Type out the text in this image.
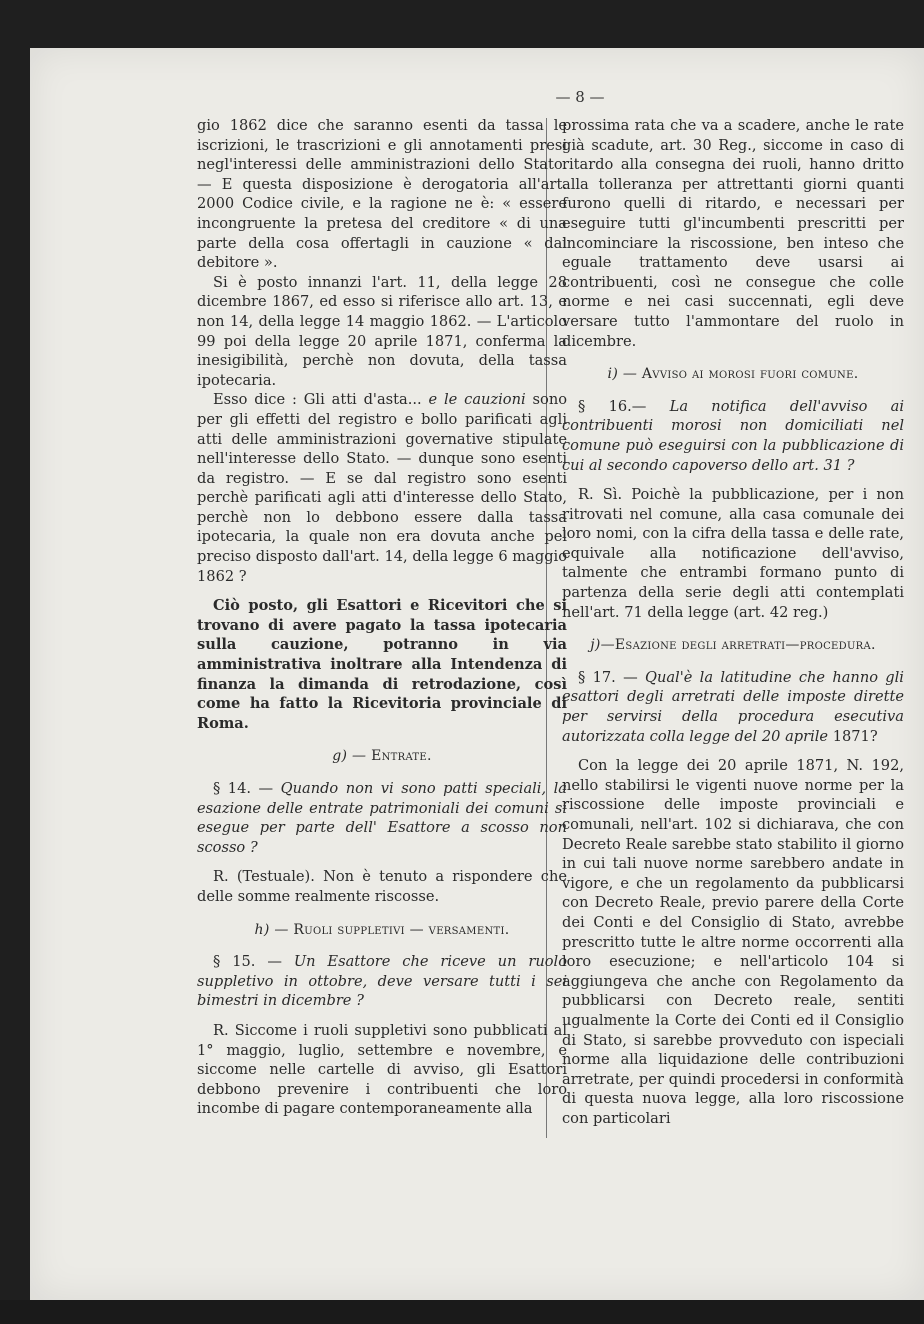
— 8 —

gio 1862 dice che saranno esenti da tassa le iscrizioni, le trascrizioni e gli annotamenti presi negl'interessi delle amministrazioni dello Stato. — E questa disposizione è derogatoria all'art. 2000 Codice civile, e la ragione ne è: « essere incongruente la pretesa del creditore « di una parte della cosa offertagli in cauzione « dal debitore ».

Si è posto innanzi l'art. 11, della legge 28 dicembre 1867, ed esso si riferisce allo art. 13, e non 14, della legge 14 maggio 1862. — L'articolo 99 poi della legge 20 aprile 1871, conferma la inesigibilità, perchè non dovuta, della tassa ipotecaria.

Esso dice : Gli atti d'asta... e le cauzioni sono per gli effetti del registro e bollo parificati agli atti delle amministrazioni governative stipulate nell'interesse dello Stato. — dunque sono esenti da registro. — E se dal registro sono esenti perchè parificati agli atti d'interesse dello Stato, perchè non lo debbono essere dalla tassa ipotecaria, la quale non era dovuta anche pel preciso disposto dall'art. 14, della legge 6 maggio 1862 ?

Ciò posto, gli Esattori e Ricevitori che si trovano di avere pagato la tassa ipotecaria sulla cauzione, potranno in via amministrativa inoltrare alla Intendenza di finanza la dimanda di retrodazione, così come ha fatto la Ricevitoria provinciale di Roma.

g) — Entrate.

§ 14. — Quando non vi sono patti speciali, la esazione delle entrate patrimoniali dei comuni si esegue per parte dell' Esattore a scosso non scosso ?

R. (Testuale). Non è tenuto a rispondere che delle somme realmente riscosse.

h) — Ruoli suppletivi — versamenti.

§ 15. — Un Esattore che riceve un ruolo suppletivo in ottobre, deve versare tutti i sei bimestri in dicembre ?

R. Siccome i ruoli suppletivi sono pubblicati al 1° maggio, luglio, settembre e novembre, e siccome nelle cartelle di avviso, gli Esattori debbono prevenire i contribuenti che loro incombe di pagare contemporaneamente alla

prossima rata che va a scadere, anche le rate già scadute, art. 30 Reg., siccome in caso di ritardo alla consegna dei ruoli, hanno dritto alla tolleranza per attrettanti giorni quanti furono quelli di ritardo, e necessari per eseguire tutti gl'incumbenti prescritti per incominciare la riscossione, ben inteso che eguale trattamento deve usarsi ai contribuenti, così ne consegue che colle norme e nei casi succennati, egli deve versare tutto l'ammontare del ruolo in dicembre.

i) — Avviso ai morosi fuori comune.

§ 16.— La notifica dell'avviso ai contribuenti morosi non domiciliati nel comune può eseguirsi con la pubblicazione di cui al secondo capoverso dello art. 31 ?

R. Sì. Poichè la pubblicazione, per i non ritrovati nel comune, alla casa comunale dei loro nomi, con la cifra della tassa e delle rate, equivale alla notificazione dell'avviso, talmente che entrambi formano punto di partenza della serie degli atti contemplati nell'art. 71 della legge (art. 42 reg.)

j)—Esazione degli arretrati—procedura.

§ 17. — Qual'è la latitudine che hanno gli esattori degli arretrati delle imposte dirette per servirsi della procedura esecutiva autorizzata colla legge del 20 aprile 1871?

Con la legge dei 20 aprile 1871, N. 192, nello stabilirsi le vigenti nuove norme per la riscossione delle imposte provinciali e comunali, nell'art. 102 si dichiarava, che con Decreto Reale sarebbe stato stabilito il giorno in cui tali nuove norme sarebbero andate in vigore, e che un regolamento da pubblicarsi con Decreto Reale, previo parere della Corte dei Conti e del Consiglio di Stato, avrebbe prescritto tutte le altre norme occorrenti alla loro esecuzione; e nell'articolo 104 si aggiungeva che anche con Regolamento da pubblicarsi con Decreto reale, sentiti ugualmente la Corte dei Conti ed il Consiglio di Stato, si sarebbe provveduto con ispeciali norme alla liquidazione delle contribuzioni arretrate, per quindi procedersi in conformità di questa nuova legge, alla loro riscossione con particolari
